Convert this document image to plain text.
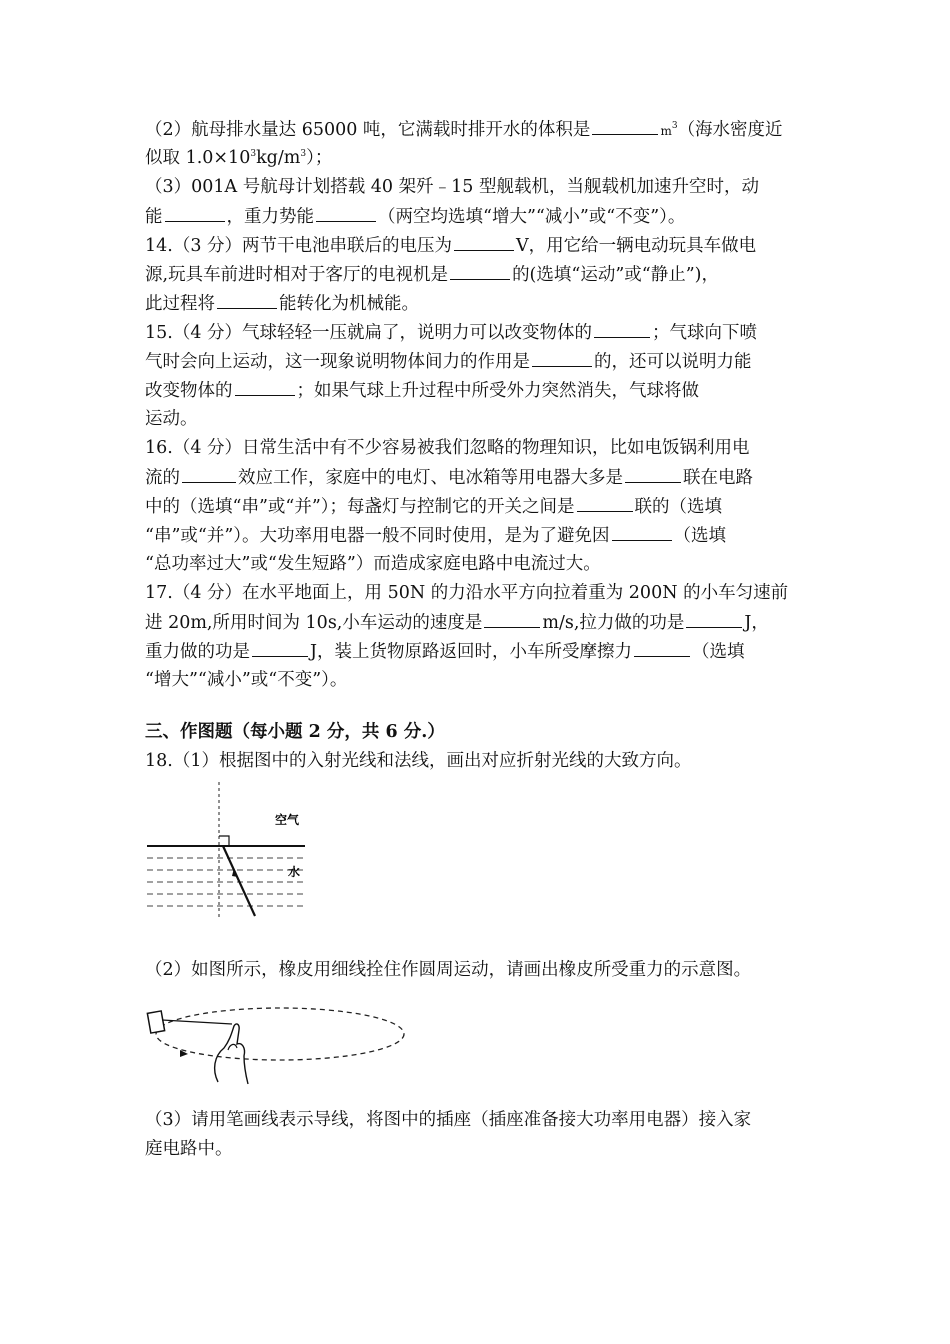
（2）航母排水量达 65000 吨，它满载时排开水的体积是	$m^3$（海水密度近
似取 $1.0\times 10^3kg/m^3$）；
（3）001A 号航母计划搭载 40 架歼﹣15 型舰载机，当舰载机加速升空时，动
能	，重力势能	（两空均选填“增大”“减小”或“不变”）。
14.（3 分）两节干电池串联后的电压为	V，用它给一辆电动玩具车做电
源,玩具车前进时相对于客厅的电视机是	的(选填“运动”或“静止”)，
此过程将	能转化为机械能。
15.（4 分）气球轻轻一压就扁了，说明力可以改变物体的	；气球向下喷
气时会向上运动，这一现象说明物体间力的作用是	的，还可以说明力能
改变物体的	；如果气球上升过程中所受外力突然消失，气球将做
运动。
16.（4 分）日常生活中有不少容易被我们忽略的物理知识，比如电饭锅利用电
流的	效应工作，家庭中的电灯、电冰箱等用电器大多是	联在电路
中的（选填“串”或“并”）；每盏灯与控制它的开关之间是	联的（选填
“串”或“并”）。大功率用电器一般不同时使用，是为了避免因	（选填
“总功率过大”或“发生短路”）而造成家庭电路中电流过大。
17.（4 分）在水平地面上，用 50N 的力沿水平方向拉着重为 200N 的小车匀速前
进 20m,所用时间为 10s,小车运动的速度是	m/s,拉力做的功是	J，
重力做的功是	J，装上货物原路返回时，小车所受摩擦力	（选填
“增大”“减小”或“不变”）。
三、作图题（每小题 2 分，共 6 分.）
18.（1）根据图中的入射光线和法线，画出对应折射光线的大致方向。
空气
水
（2）如图所示，橡皮用细线拴住作圆周运动，请画出橡皮所受重力的示意图。
（3）请用笔画线表示导线，将图中的插座（插座准备接大功率用电器）接入家
庭电路中。
